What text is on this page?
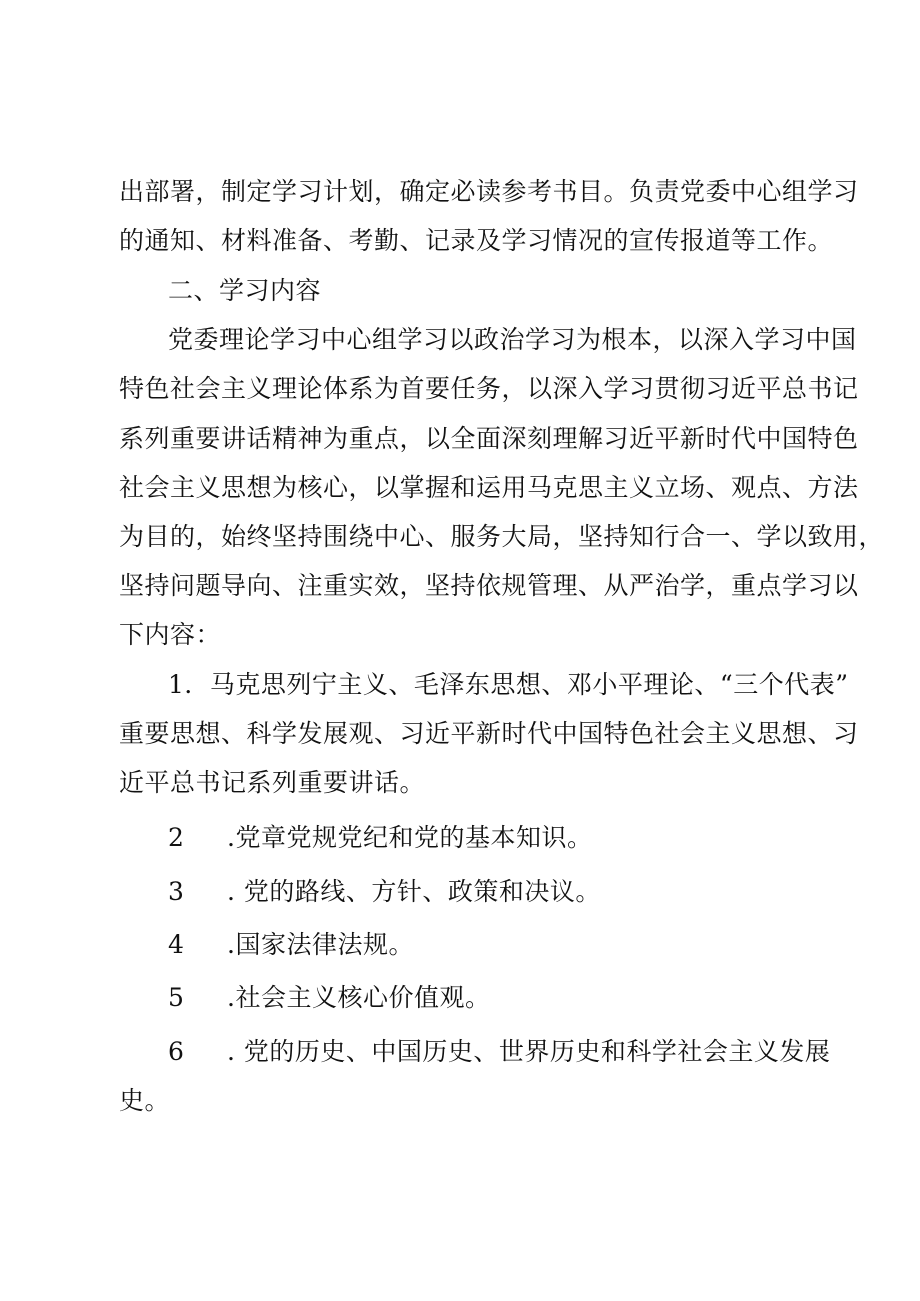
出部署，制定学习计划，确定必读参考书目。负责党委中心组学习
的通知、材料准备、考勤、记录及学习情况的宣传报道等工作。
二、学习内容
党委理论学习中心组学习以政治学习为根本，以深入学习中国
特色社会主义理论体系为首要任务，以深入学习贯彻习近平总书记
系列重要讲话精神为重点，以全面深刻理解习近平新时代中国特色
社会主义思想为核心，以掌握和运用马克思主义立场、观点、方法
为目的，始终坚持围绕中心、服务大局，坚持知行合一、学以致用，
坚持问题导向、注重实效，坚持依规管理、从严治学，重点学习以
下内容：
1．马克思列宁主义、毛泽东思想、邓小平理论、“三个代表”
重要思想、科学发展观、习近平新时代中国特色社会主义思想、习
近平总书记系列重要讲话。
2 .党章党规党纪和党的基本知识。
3 . 党的路线、方针、政策和决议。
4 .国家法律法规。
5 .社会主义核心价值观。
6 . 党的历史、中国历史、世界历史和科学社会主义发展
史。
